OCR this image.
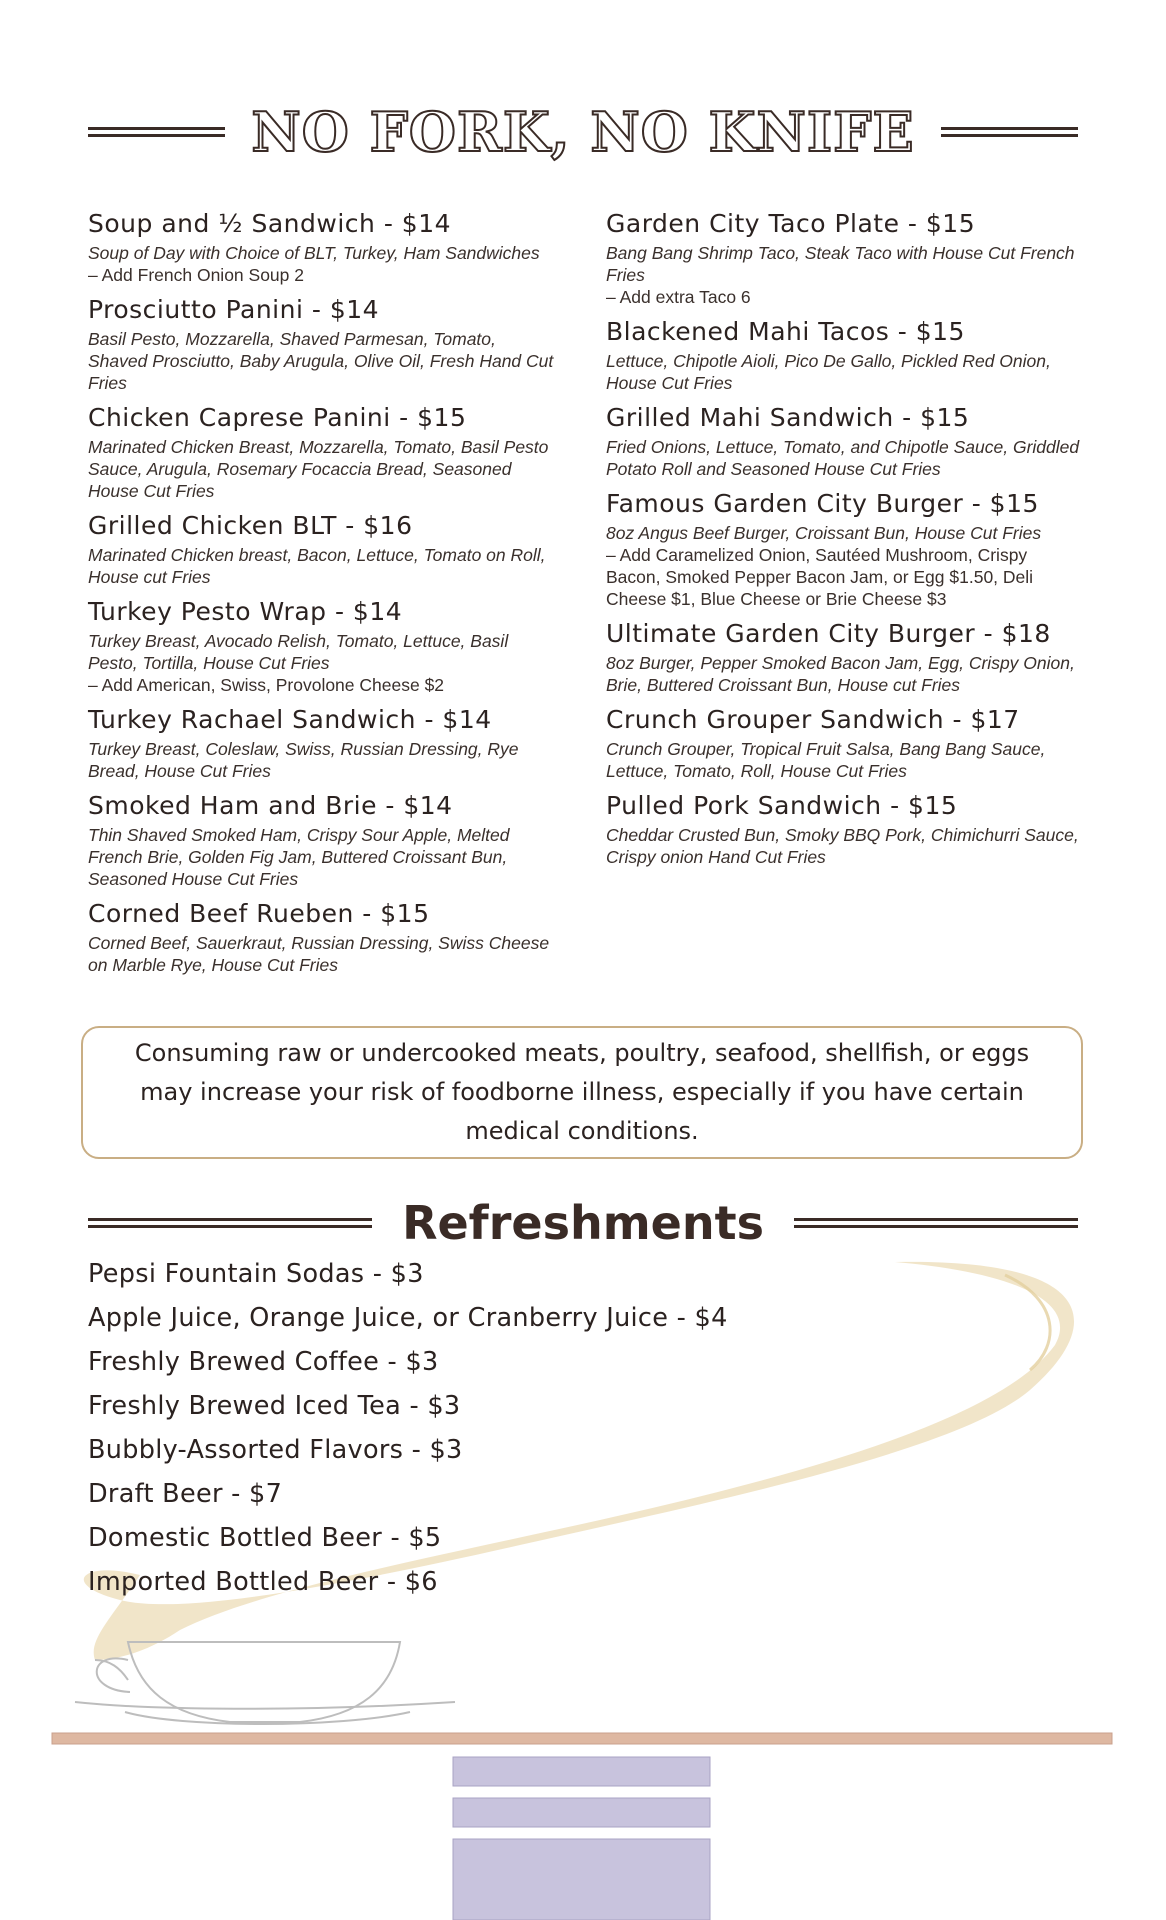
NO FORK, NO KNIFE
Soup and ½ Sandwich - $14
Soup of Day with Choice of BLT, Turkey, Ham Sandwiches
– Add French Onion Soup 2
Prosciutto Panini - $14
Basil Pesto, Mozzarella, Shaved Parmesan, Tomato, Shaved Prosciutto, Baby Arugula, Olive Oil, Fresh Hand Cut Fries
Chicken Caprese Panini - $15
Marinated Chicken Breast, Mozzarella, Tomato, Basil Pesto Sauce, Arugula, Rosemary Focaccia Bread, Seasoned House Cut Fries
Grilled Chicken BLT - $16
Marinated Chicken breast, Bacon, Lettuce, Tomato on Roll, House cut Fries
Turkey Pesto Wrap - $14
Turkey Breast, Avocado Relish, Tomato, Lettuce, Basil Pesto, Tortilla, House Cut Fries
– Add American, Swiss, Provolone Cheese $2
Turkey Rachael Sandwich - $14
Turkey Breast, Coleslaw, Swiss, Russian Dressing, Rye Bread, House Cut Fries
Smoked Ham and Brie - $14
Thin Shaved Smoked Ham, Crispy Sour Apple, Melted French Brie, Golden Fig Jam, Buttered Croissant Bun, Seasoned House Cut Fries
Corned Beef Rueben - $15
Corned Beef, Sauerkraut, Russian Dressing, Swiss Cheese on Marble Rye, House Cut Fries
Garden City Taco Plate - $15
Bang Bang Shrimp Taco, Steak Taco with House Cut French Fries
– Add extra Taco 6
Blackened Mahi Tacos - $15
Lettuce, Chipotle Aioli, Pico De Gallo, Pickled Red Onion, House Cut Fries
Grilled Mahi Sandwich - $15
Fried Onions, Lettuce, Tomato, and Chipotle Sauce, Griddled Potato Roll and Seasoned House Cut Fries
Famous Garden City Burger - $15
8oz Angus Beef Burger, Croissant Bun, House Cut Fries
– Add Caramelized Onion, Sautéed Mushroom, Crispy Bacon, Smoked Pepper Bacon Jam, or Egg $1.50, Deli Cheese $1, Blue Cheese or Brie Cheese $3
Ultimate Garden City Burger - $18
8oz Burger, Pepper Smoked Bacon Jam, Egg, Crispy Onion, Brie, Buttered Croissant Bun, House cut Fries
Crunch Grouper Sandwich - $17
Crunch Grouper, Tropical Fruit Salsa, Bang Bang Sauce, Lettuce, Tomato, Roll, House Cut Fries
Pulled Pork Sandwich - $15
Cheddar Crusted Bun, Smoky BBQ Pork, Chimichurri Sauce, Crispy onion Hand Cut Fries
Consuming raw or undercooked meats, poultry, seafood, shellfish, or eggs may increase your risk of foodborne illness, especially if you have certain medical conditions.
Refreshments
Pepsi Fountain Sodas - $3
Apple Juice, Orange Juice, or Cranberry Juice - $4
Freshly Brewed Coffee - $3
Freshly Brewed Iced Tea - $3
Bubbly-Assorted Flavors - $3
Draft Beer - $7
Domestic Bottled Beer - $5
Imported Bottled Beer - $6
